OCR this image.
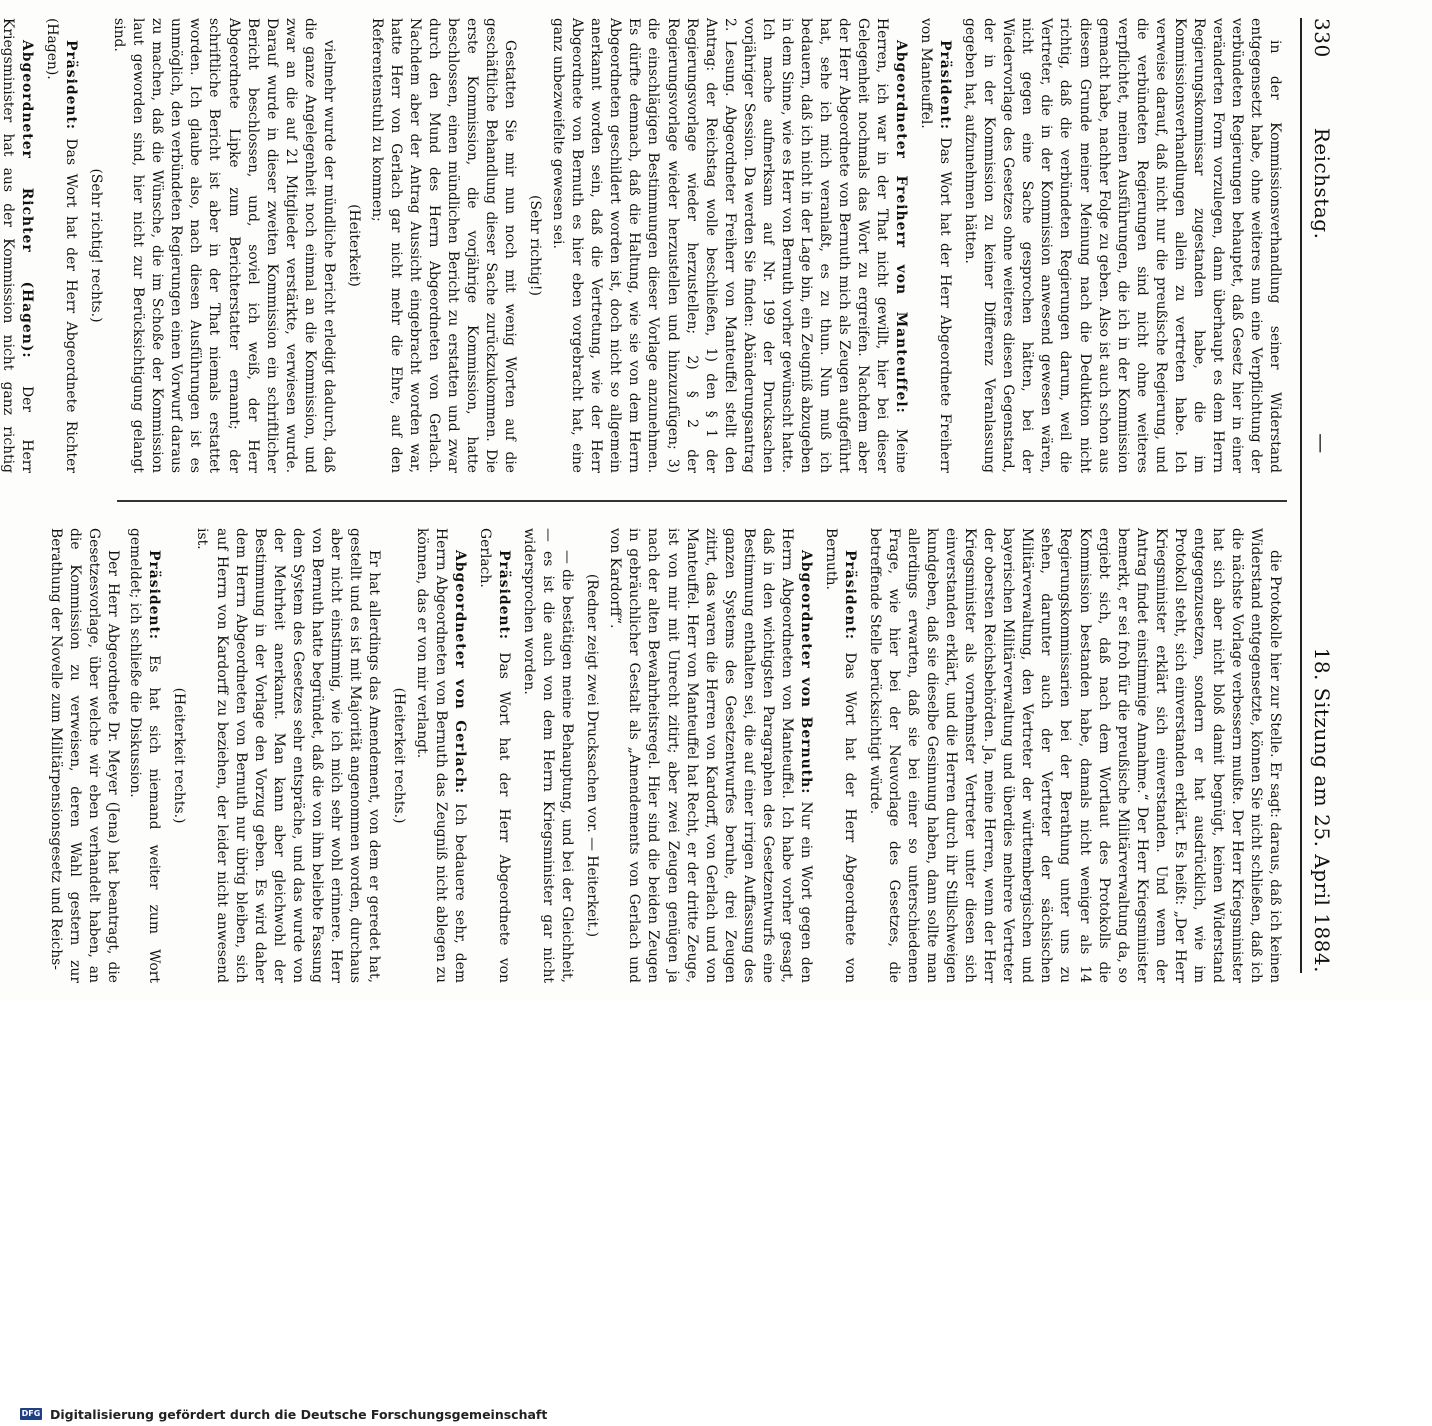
330
Reichstag.
—
18. Sitzung am 25. April 1884.

in der Kommissionsverhandlung seiner Widerstand entgegensetzt habe, ohne weiteres nun eine Verpflichtung der verbündeten Regierungen behauptet, daß Gesetz hier in einer veränderten Form vorzulegen, dann überhaupt es dem Herrn Regierungskommissar zugestanden habe, die im Kommissionsverhandlungen allein zu vertreten habe. Ich verweise darauf, daß nicht nur die preußische Regierung, und die verbündeten Regierungen sind nicht ohne weiteres verpflichtet, meinen Ausführungen, die ich in der Kommission gemacht habe, nachher Folge zu geben. Also ist auch schon aus diesem Grunde meiner Meinung nach die Deduktion nicht richtig, daß die verbündeten Regierungen darum, weil die Vertreter, die in der Kommission anwesend gewesen wären, nicht gegen eine Sache gesprochen hätten, bei der Wiedervorlage des Gesetzes ohne weiteres diesen Gegenstand, der in der Kommission zu keiner Differenz Veranlassung gegeben hat, aufzunehmen hätten.

Präsident: Das Wort hat der Herr Abgeordnete Freiherr von Manteuffel.

Abgeordneter Freiherr von Manteuffel: Meine Herren, ich war in der That nicht gewillt, hier bei dieser Gelegenheit nochmals das Wort zu ergreifen. Nachdem aber der Herr Abgeordnete von Bernuth mich als Zeugen aufgeführt hat, sehe ich mich veranlaßt, es zu thun. Nun muß ich bedauern, daß ich nicht in der Lage bin, ein Zeugniß abzugeben in dem Sinne, wie es Herr von Bernuth vorher gewünscht hatte. Ich mache aufmerksam auf Nr. 199 der Drucksachen vorjähriger Session. Da werden Sie finden: Abänderungsantrag 2. Lesung. Abgeordneter Freiherr von Manteuffel stellt den Antrag: der Reichstag wolle beschließen, 1) den § 1 der Regierungsvorlage wieder herzustellen; 2) § 2 der Regierungsvorlage wieder herzustellen und hinzuzufügen; 3) die einschlägigen Bestimmungen dieser Vorlage anzunehmen. Es dürfte demnach, daß die Haltung, wie sie von dem Herrn Abgeordneten geschildert worden ist, doch nicht so allgemein anerkannt worden sein, daß die Vertretung, wie der Herr Abgeordnete von Bernuth es hier eben vorgebracht hat, eine ganz unbezweifelte gewesen sei.

(Sehr richtig!)

Gestatten Sie mir nun noch mit wenig Worten auf die geschäftliche Behandlung dieser Sache zurückzukommen. Die erste Kommission, die vorjährige Kommission, hatte beschlossen, einen mündlichen Bericht zu erstatten und zwar durch den Mund des Herrn Abgeordneten von Gerlach. Nachdem aber der Antrag Aussicht eingebracht worden war, hatte Herr von Gerlach gar nicht mehr die Ehre, auf den Referentenstuhl zu kommen;

(Heiterkeit)

vielmehr wurde der mündliche Bericht erledigt dadurch, daß die ganze Angelegenheit noch einmal an die Kommission, und zwar an die auf 21 Mitglieder verstärkte, verwiesen wurde. Darauf wurde in dieser zweiten Kommission ein schriftlicher Bericht beschlossen, und, soviel ich weiß, der Herr Abgeordnete Lipke zum Berichterstatter ernannt; der schriftliche Bericht ist aber in der That niemals erstattet worden. Ich glaube also, nach diesen Ausführungen ist es unmöglich, den verbündeten Regierungen einen Vorwurf daraus zu machen, daß die Wünsche, die im Schoße der Kommission laut geworden sind, hier nicht zur Berücksichtigung gelangt sind.

(Sehr richtig! rechts.)

Präsident: Das Wort hat der Herr Abgeordnete Richter (Hagen).

Abgeordneter Richter (Hagen): Der Herr Kriegsminister hat aus der Kommission nicht ganz richtig

die Protokolle hier zur Stelle. Er sagt: daraus, daß ich keinen Widerstand entgegensetzte, können Sie nicht schließen, daß ich die nächste Vorlage verbessern mußte. Der Herr Kriegsminister hat sich aber nicht bloß damit begnügt, keinen Widerstand entgegenzusetzen, sondern er hat ausdrücklich, wie im Protokoll steht, sich einverstanden erklärt. Es heißt: „Der Herr Kriegsminister erklärt sich einverstanden. Und wenn der Antrag findet einstimmige Annahme.“ Der Herr Kriegsminister bemerkt, er sei froh für die preußische Militärverwaltung da, so ergiebt sich, daß nach dem Wortlaut des Protokolls die Kommission bestanden habe, damals nicht weniger als 14 Regierungskommissarien bei der Berathung unter uns zu sehen, darunter auch der Vertreter der sächsischen Militärverwaltung, den Vertreter der württembergischen und bayerischen Militärverwaltung und überdies mehrere Vertreter der obersten Reichsbehörden. Ja, meine Herren, wenn der Herr Kriegsminister als vornehmster Vertreter unter diesen sich einverstanden erklärt, und die Herren durch ihr Stillschweigen kundgeben, daß sie dieselbe Gesinnung haben, dann sollte man allerdings erwarten, daß sie bei einer so unterschiedenen Frage, wie hier bei der Neuvorlage des Gesetzes, die betreffende Stelle berücksichtigt würde.

Präsident: Das Wort hat der Herr Abgeordnete von Bernuth.

Abgeordneter von Bernuth: Nur ein Wort gegen den Herrn Abgeordneten von Manteuffel. Ich habe vorher gesagt, daß in den wichtigsten Paragraphen des Gesetzentwurfs eine Bestimmung enthalten sei, die auf einer irrigen Auffassung des ganzen Systems des Gesetzentwurfes beruhe, drei Zeugen zitirt, das waren die Herren von Kardorff, von Gerlach und von Manteuffel. Herr von Manteuffel hat Recht, er der dritte Zeuge, ist von mir mit Unrecht zitirt; aber zwei Zeugen genügen ja nach der alten Bewahrheitsregel. Hier sind die beiden Zeugen in gebräuchlicher Gestalt als „Amendements von Gerlach und von Kardorff“.

(Redner zeigt zwei Drucksachen vor. — Heiterkeit.)

— die bestätigen meine Behauptung, und bei der Gleichheit, — es ist die auch von dem Herrn Kriegsminister gar nicht widersprochen worden.

Präsident: Das Wort hat der Herr Abgeordnete von Gerlach.

Abgeordneter von Gerlach: Ich bedauere sehr, dem Herrn Abgeordneten von Bernuth das Zeugniß nicht ablegen zu können, das er von mir verlangt.

(Heiterkeit rechts.)

Er hat allerdings das Amendement, von dem er geredet hat, gestellt und es ist mit Majorität angenommen worden, durchaus aber nicht einstimmig, wie ich mich sehr wohl erinnere. Herr von Bernuth hatte begründet, daß die von ihm beliebte Fassung dem System des Gesetzes sehr entspräche, und das wurde von der Mehrheit anerkannt. Man kann aber gleichwohl der Bestimmung in der Vorlage den Vorzug geben. Es wird daher dem Herrn Abgeordneten von Bernuth nur übrig bleiben, sich auf Herrn von Kardorff zu beziehen, der leider nicht anwesend ist.

(Heiterkeit rechts.)

Präsident: Es hat sich niemand weiter zum Wort gemeldet; ich schließe die Diskussion.

Der Herr Abgeordnete Dr. Meyer (Jena) hat beantragt, die Gesetzesvorlage, über welche wir eben verhandelt haben, an die Kommission zu verweisen, deren Wahl gestern zur Berathung der Novelle zum Militärpensionsgesetz und Reichs-

DFG Digitalisierung gefördert durch die Deutsche Forschungsgemeinschaft
